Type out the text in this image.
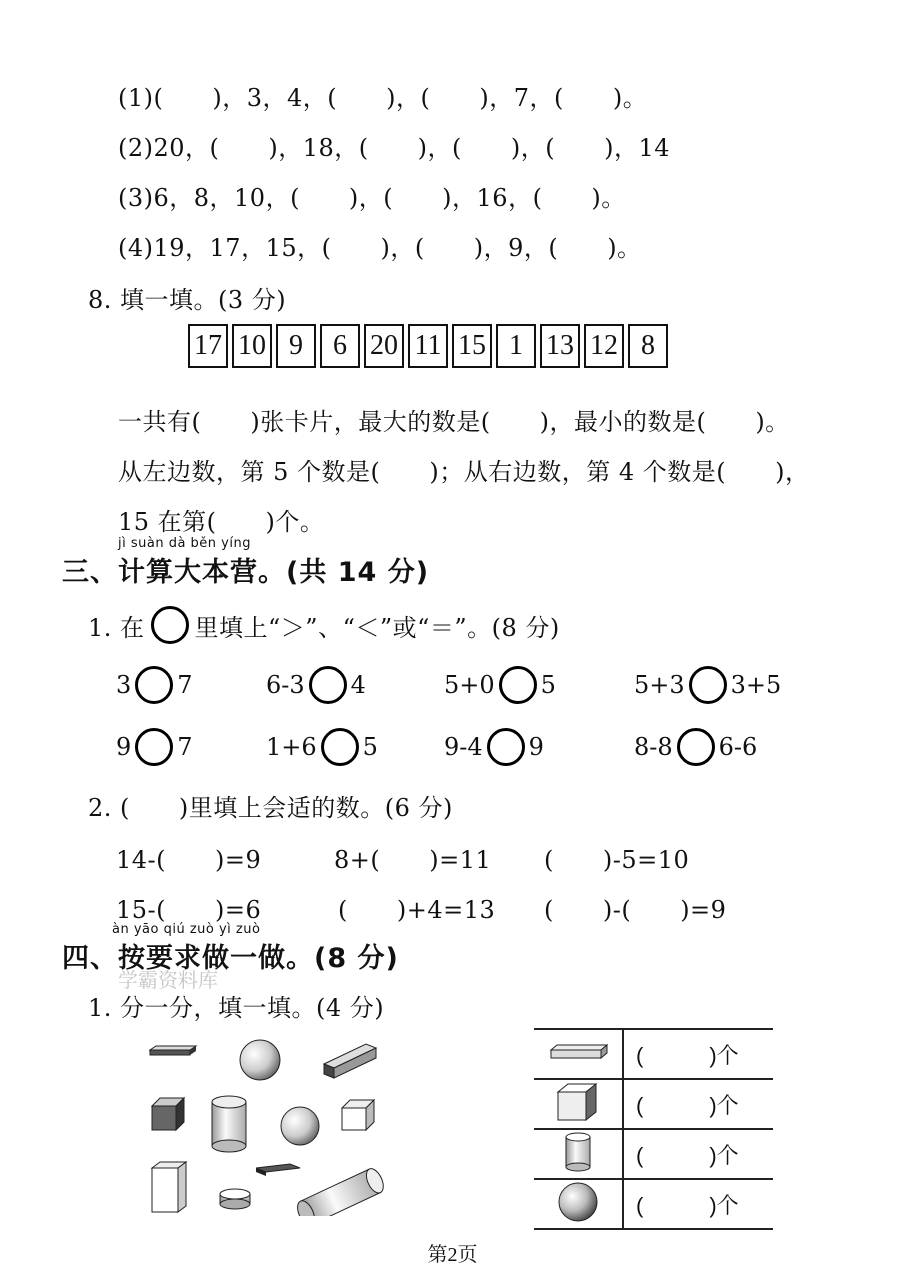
(1)(　　)，3，4，(　　)，(　　)，7，(　　)。
(2)20，(　　)，18，(　　)，(　　)，(　　)，14
(3)6，8，10，(　　)，(　　)，16，(　　)。
(4)19，17，15，(　　)，(　　)，9，(　　)。
8. 填一填。(3 分)
17 10 9	6 20 11 15 1 13 12 8
一共有(　　)张卡片，最大的数是(　　)，最小的数是(　　)。
从左边数，第 5 个数是(　　)；从右边数，第 4 个数是(　　)，
15 在第(　　)个。
jì suàn dà běn yíng
三、计算大本营。(共 14 分)
1. 在 里填上“＞”、“＜”或“＝”。(8 分)
3 7	6-3 4	5+0 5	5+3 3+5
9 7	1+6 5	9-4 9	8-8 6-6
2. (　　)里填上会适的数。(6 分)
14-(　　)=9	8+(　　)=11 (　　)-5=10
15-(　　)=6	(　　)+4=13 (　　)-(　　)=9
àn yāo qiú zuò yì zuò
四、按要求做一做。(8 分)
学霸资料库
1. 分一分，填一填。(4 分)
	(　　　)个
	(　　　)个
	(　　　)个
	(　　　)个
第2页
